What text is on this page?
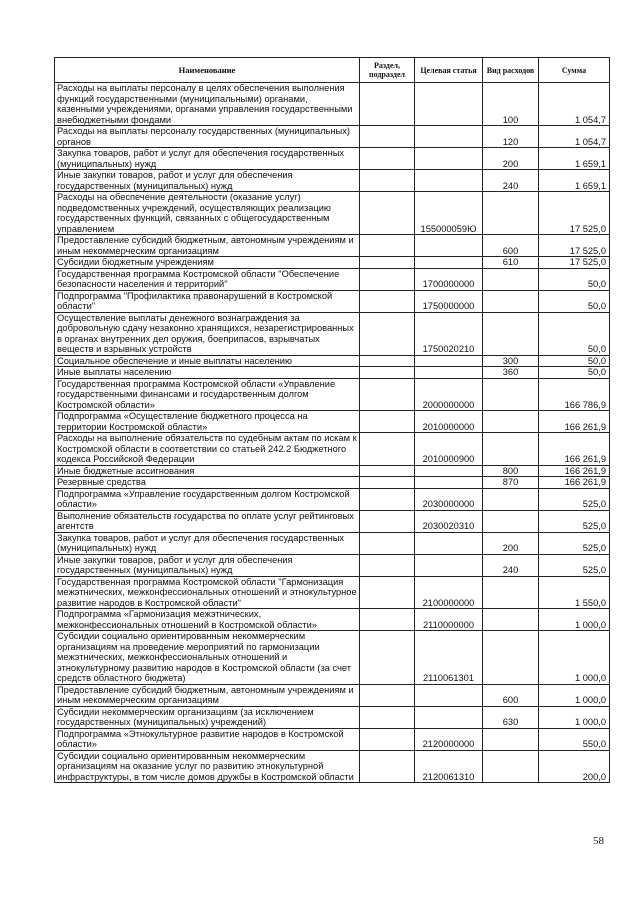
Наименование	Раздел, подраздел	Целевая статья	Вид расходов	Сумма
Расходы на выплаты персоналу в целях обеспечения выполнения функций государственными (муниципальными) органами, казенными учреждениями, органами управления государственными внебюджетными фондами			100	1 054,7
Расходы на выплаты персоналу государственных (муниципальных) органов			120	1 054,7
Закупка товаров, работ и услуг для обеспечения государственных (муниципальных) нужд			200	1 659,1
Иные закупки товаров, работ и услуг для обеспечения государственных (муниципальных) нужд			240	1 659,1
Расходы на обеспечение деятельности (оказание услуг) подведомственных учреждений, осуществляющих реализацию государственных функций, связанных с общегосударственным управлением		155000059Ю		17 525,0
Предоставление субсидий бюджетным, автономным учреждениям и иным некоммерческим организациям			600	17 525,0
Субсидии бюджетным учреждениям			610	17 525,0
Государственная программа Костромской области "Обеспечение безопасности населения и территорий"		1700000000		50,0
Подпрограмма "Профилактика правонарушений в Костромской области"		1750000000		50,0
Осуществление выплаты денежного вознаграждения за добровольную сдачу незаконно хранящихся, незарегистрированных в органах внутренних дел оружия, боеприпасов, взрывчатых веществ и взрывных устройств		1750020210		50,0
Социальное обеспечение и иные выплаты населению			300	50,0
Иные выплаты населению			360	50,0
Государственная программа Костромской области «Управление государственными финансами и государственным долгом Костромской области»		2000000000		166 786,9
Подпрограмма «Осуществление бюджетного процесса на территории Костромской области»		2010000000		166 261,9
Расходы на выполнение обязательств по судебным актам по искам к Костромской области в соответствии со статьей 242.2 Бюджетного кодекса Российской Федерации		2010000900		166 261,9
Иные бюджетные ассигнования			800	166 261,9
Резервные средства			870	166 261,9
Подпрограмма «Управление государственным долгом Костромской области»		2030000000		525,0
Выполнение обязательств государства по оплате услуг рейтинговых агентств		2030020310		525,0
Закупка товаров, работ и услуг для обеспечения государственных (муниципальных) нужд			200	525,0
Иные закупки товаров, работ и услуг для обеспечения государственных (муниципальных) нужд			240	525,0
Государственная программа Костромской области "Гармонизация межэтнических, межконфессиональных отношений и этнокультурное развитие народов в Костромской области"		2100000000		1 550,0
Подпрограмма «Гармонизация межэтнических, межконфессиональных отношений в Костромской области»		2110000000		1 000,0
Субсидии социально ориентированным некоммерческим организациям на проведение мероприятий по гармонизации межэтнических, межконфессиональных отношений и этнокультурному развитию народов в Костромской области (за счет средств областного бюджета)		2110061301		1 000,0
Предоставление субсидий бюджетным, автономным учреждениям и иным некоммерческим организациям			600	1 000,0
Субсидии некоммерческим организациям (за исключением государственных (муниципальных) учреждений)			630	1 000,0
Подпрограмма «Этнокультурное развитие народов в Костромской области»		2120000000		550,0
Субсидии социально ориентированным некоммерческим организациям на оказание услуг по развитию этнокультурной инфраструктуры, в том числе домов дружбы в Костромской области		2120061310		200,0
58
